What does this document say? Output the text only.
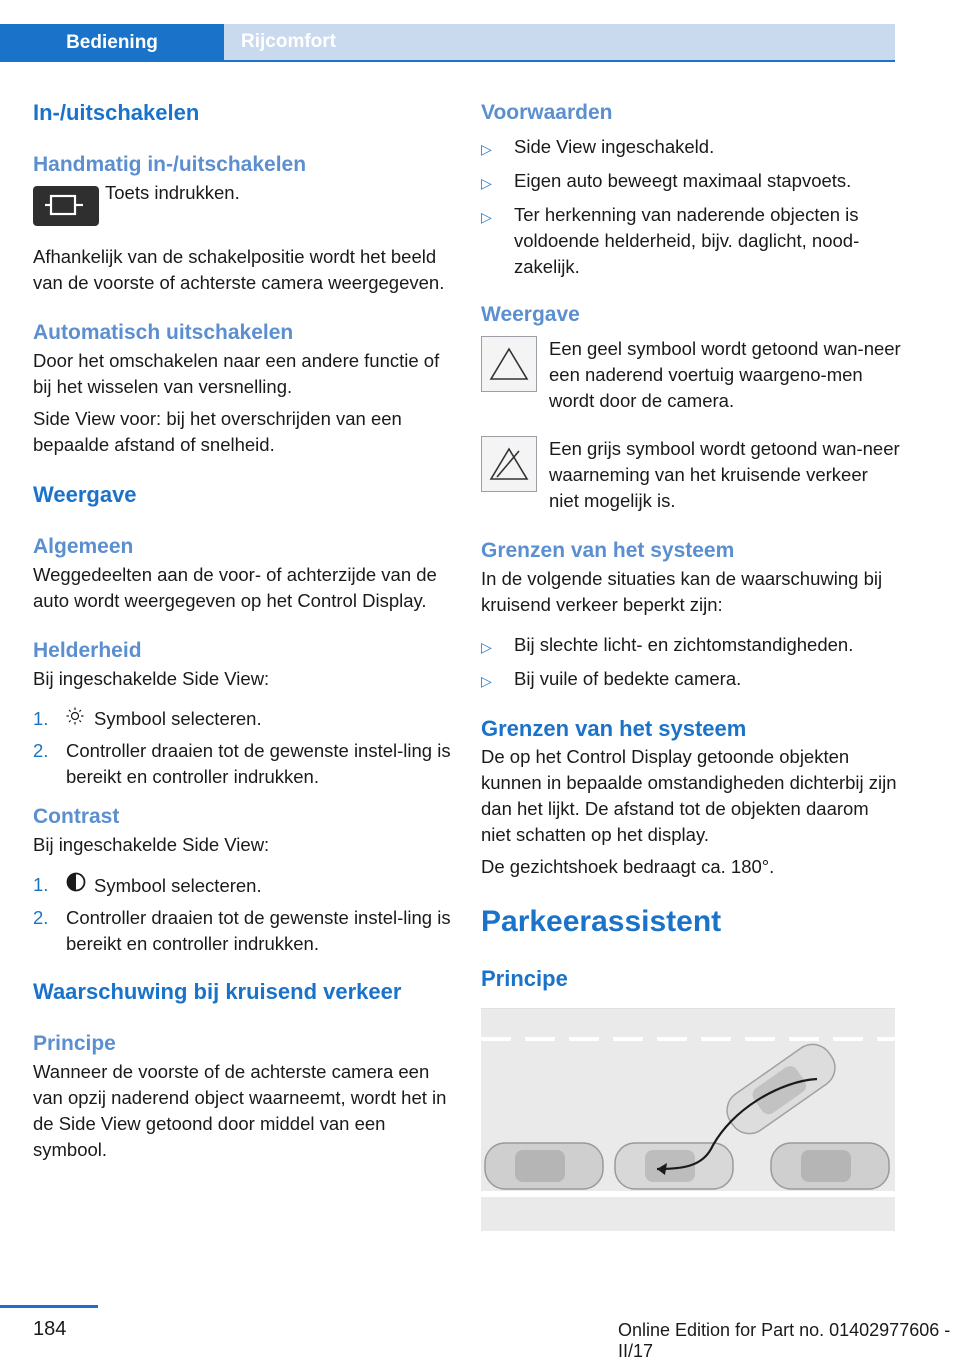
Bediening	Rijcomfort
In-/uitschakelen
Handmatig in-/uitschakelen

Toets indrukken.

Afhankelijk van de schakelpositie wordt het beeld van de voorste of achterste camera weergegeven.

Automatisch uitschakelen

Door het omschakelen naar een andere functie of bij het wisselen van versnelling.

Side View voor: bij het overschrijden van een bepaalde afstand of snelheid.

Weergave
Algemeen

Weggedeelten aan de voor- of achterzijde van de auto wordt weergegeven op het Control Display.

Helderheid

Bij ingeschakelde Side View:

1.	Symbool selecteren.
2. Controller draaien tot de gewenste instel-ling is bereikt en controller indrukken.
Contrast

Bij ingeschakelde Side View:

1.	Symbool selecteren.
2. Controller draaien tot de gewenste instel-ling is bereikt en controller indrukken.
Waarschuwing bij kruisend verkeer
Principe

Wanneer de voorste of de achterste camera een van opzij naderend object waarneemt, wordt het in de Side View getoond door middel van een symbool.

Voorwaarden
▷	Side View ingeschakeld.
▷	Eigen auto beweegt maximaal stapvoets.
▷	Ter herkenning van naderende objecten is voldoende helderheid, bijv. daglicht, nood-zakelijk.
Weergave

Een geel symbool wordt getoond wan-neer een naderend voertuig waargeno-men wordt door de camera.

Een grijs symbool wordt getoond wan-neer waarneming van het kruisende verkeer niet mogelijk is.

Grenzen van het systeem

In de volgende situaties kan de waarschuwing bij kruisend verkeer beperkt zijn:

▷	Bij slechte licht- en zichtomstandigheden.
▷	Bij vuile of bedekte camera.
Grenzen van het systeem

De op het Control Display getoonde objekten kunnen in bepaalde omstandigheden dichterbij zijn dan het lijkt. De afstand tot de objekten daarom niet schatten op het display.

De gezichtshoek bedraagt ca. 180°.

Parkeerassistent
Principe
184	Online Edition for Part no. 01402977606 - II/17
